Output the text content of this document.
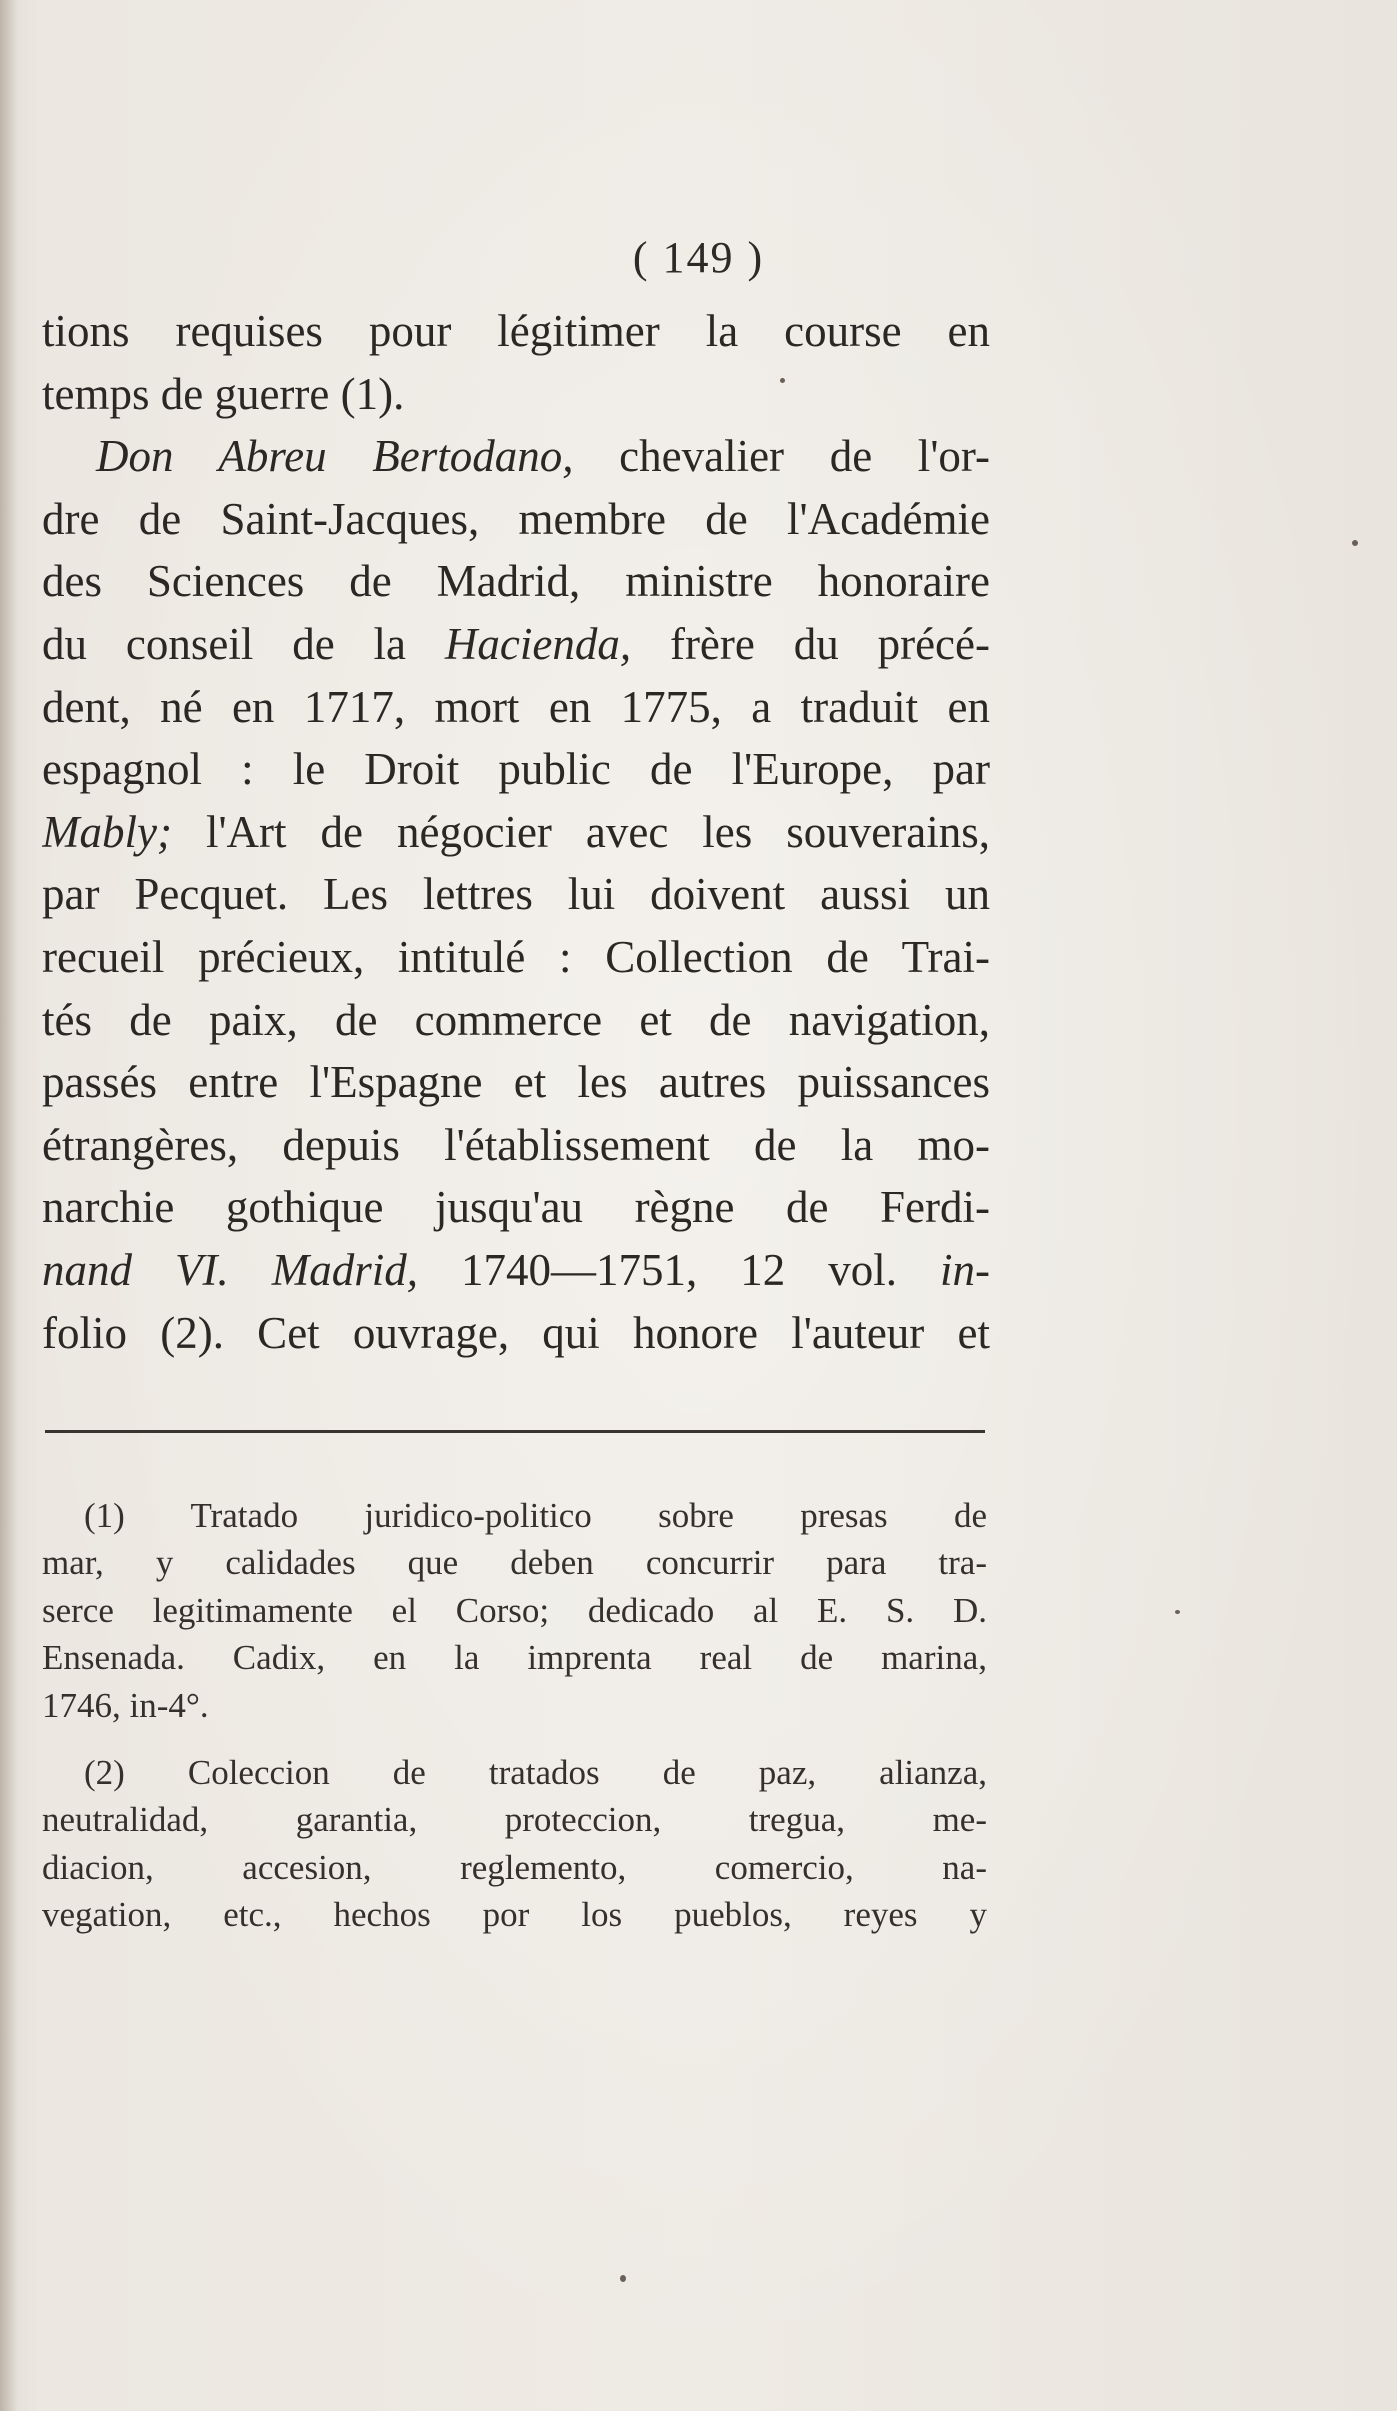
( 149 )
tions requises pour légitimer la course en
temps de guerre (1).
Don Abreu Bertodano, chevalier de l'or-
dre de Saint-Jacques, membre de l'Académie
des Sciences de Madrid, ministre honoraire
du conseil de la Hacienda, frère du précé-
dent, né en 1717, mort en 1775, a traduit en
espagnol : le Droit public de l'Europe, par
Mably; l'Art de négocier avec les souverains,
par Pecquet. Les lettres lui doivent aussi un
recueil précieux, intitulé : Collection de Trai-
tés de paix, de commerce et de navigation,
passés entre l'Espagne et les autres puissances
étrangères, depuis l'établissement de la mo-
narchie gothique jusqu'au règne de Ferdi-
nand VI. Madrid, 1740—1751, 12 vol. in-
folio (2). Cet ouvrage, qui honore l'auteur et
(1) Tratado juridico-politico sobre presas de
mar, y calidades que deben concurrir para tra-
serce legitimamente el Corso; dedicado al E. S. D.
Ensenada. Cadix, en la imprenta real de marina,
1746, in-4°.
(2) Coleccion de tratados de paz, alianza,
neutralidad, garantia, proteccion, tregua, me-
diacion, accesion, reglemento, comercio, na-
vegation, etc., hechos por los pueblos, reyes y
